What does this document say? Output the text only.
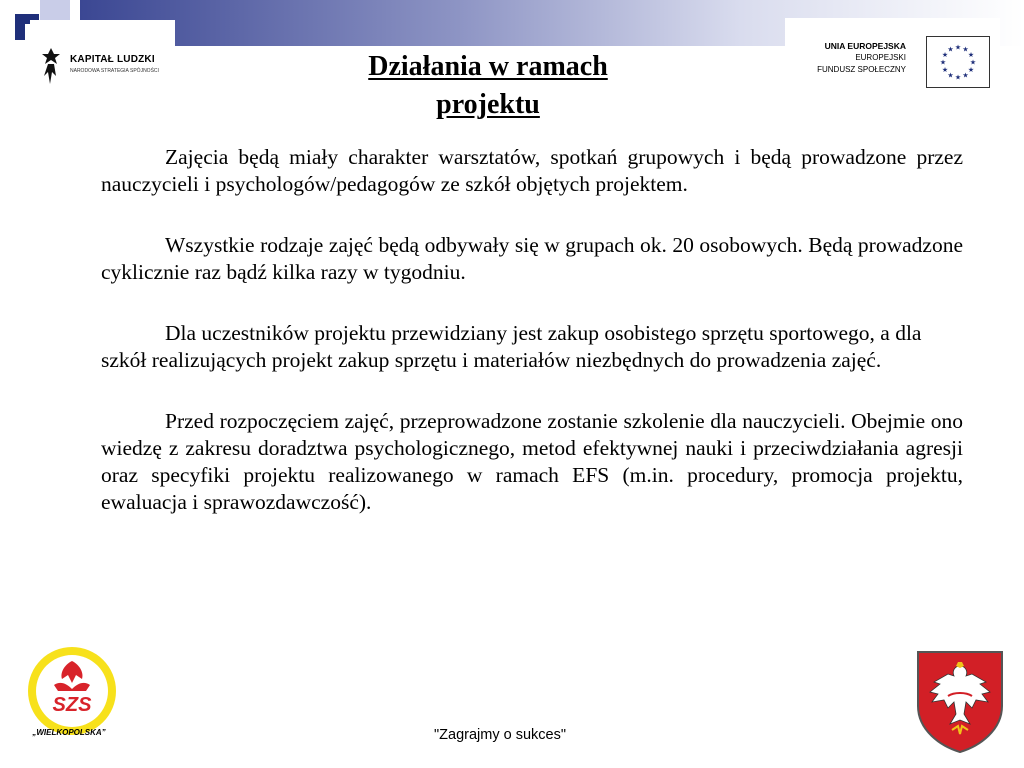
KAPITAŁ LUDZKI
NARODOWA STRATEGIA SPÓJNOŚCI
UNIA EUROPEJSKA
EUROPEJSKI
FUNDUSZ SPOŁECZNY
★
★
★
★
★
★
★
★
★ ★ ★
★
Działania w ramach
projektu

Zajęcia będą miały charakter warsztatów, spotkań grupowych i będą prowadzone przez nauczycieli i psychologów/pedagogów ze szkół objętych projektem.

Wszystkie rodzaje zajęć będą odbywały się w grupach ok. 20 osobowych. Będą prowadzone cyklicznie raz bądź kilka razy w tygodniu.

Dla uczestników projektu przewidziany jest zakup osobistego sprzętu sportowego, a dla szkół realizujących projekt zakup sprzętu i materiałów niezbędnych do prowadzenia zajęć.

Przed rozpoczęciem zajęć, przeprowadzone zostanie szkolenie dla nauczycieli. Obejmie ono wiedzę z zakresu doradztwa psychologicznego, metod efektywnej nauki i przeciwdziałania agresji oraz specyfiki projektu realizowanego w ramach EFS (m.in. procedury, promocja projektu, ewaluacja i sprawozdawczość).

SZS
„WIELKOPOLSKA”	"Zagrajmy o sukces"
